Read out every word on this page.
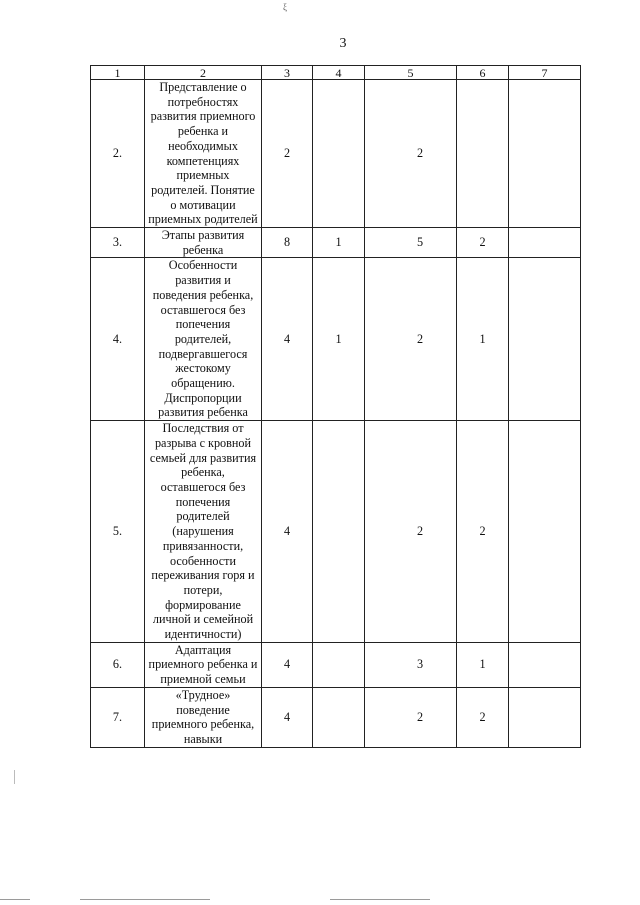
ξ
3
1	2	3	4	5	6	7
2.	Представление о потребностях развития приемного ребенка и необходимых компетенциях приемных родителей. Понятие о мотивации приемных родителей	2		2		
3.	Этапы развития ребенка	8	1	5	2	
4.	Особенности развития и поведения ребенка, оставшегося без попечения родителей, подвергавшегося жестокому обращению. Диспропорции развития ребенка	4	1	2	1	
5.	Последствия от разрыва с кровной семьей для развития ребенка, оставшегося без попечения родителей (нарушения привязанности, особенности переживания горя и потери, формирование личной и семейной идентичности)	4		2	2	
6.	Адаптация приемного ребенка и приемной семьи	4		3	1	
7.	«Трудное» поведение приемного ребенка, навыки	4		2	2	
